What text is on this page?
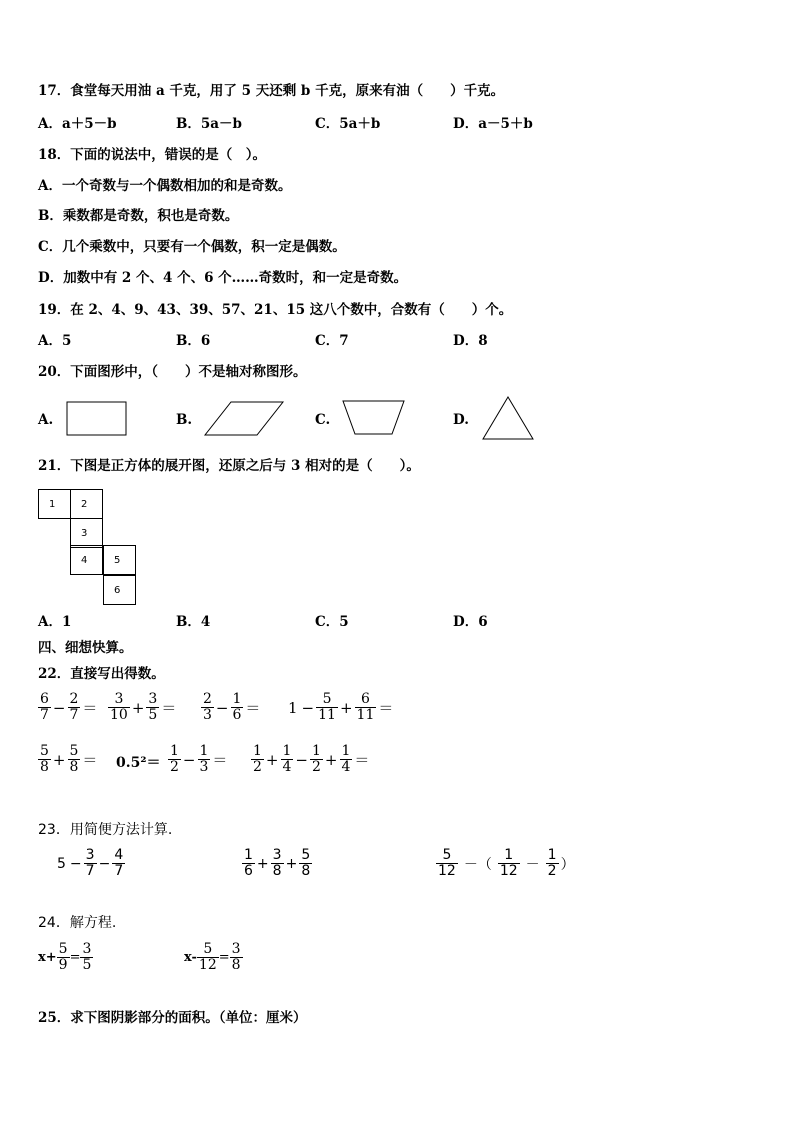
17．食堂每天用油 a 千克，用了 5 天还剩 b 千克，原来有油（　　）千克。
A．a＋5－b	B．5a－b	C．5a＋b	D．a－5＋b
18．下面的说法中，错误的是（　）。
A．一个奇数与一个偶数相加的和是奇数。
B．乘数都是奇数，积也是奇数。
C．几个乘数中，只要有一个偶数，积一定是偶数。
D．加数中有 2 个、4 个、6 个……奇数时，和一定是奇数。
19．在 2、4、9、43、39、57、21、15 这八个数中，合数有（　　）个。
A．5	B．6	C．7	D．8
20．下面图形中，（　　）不是轴对称图形。
A.	B.	C.	D.
21．下图是正方体的展开图，还原之后与 3 相对的是（　　）。
1	2
3
4	5
6
A．1	B．4	C．5	D．6
四、细想快算。
22．直接写出得数。
$\frac{6}{7} - \frac{2}{7} = \frac{3}{10} + \frac{3}{5} = \frac{2}{3} - \frac{1}{6} = 1 - \frac{5}{11} + \frac{6}{11}$ ＝
$\frac{5}{8} + \frac{5}{8} = 0.5^2= \frac{1}{2} - \frac{1}{3} = \frac{1}{2} + \frac{1}{4} - \frac{1}{2} + \frac{1}{4}$ ＝
23．用简便方法计算.
$5 - \frac{3}{7} - \frac{4}{7}$	$\frac{1}{6} + \frac{3}{8} + \frac{5}{8}$	$\frac{5}{12}$ －（ $\frac{1}{12} - \frac{1}{2}$ ）
24．解方程.
$x+ \frac{5}{9} = \frac{3}{5}$	$x- \frac{5}{12} = \frac{3}{8}$
25．求下图阴影部分的面积。（单位：厘米）
